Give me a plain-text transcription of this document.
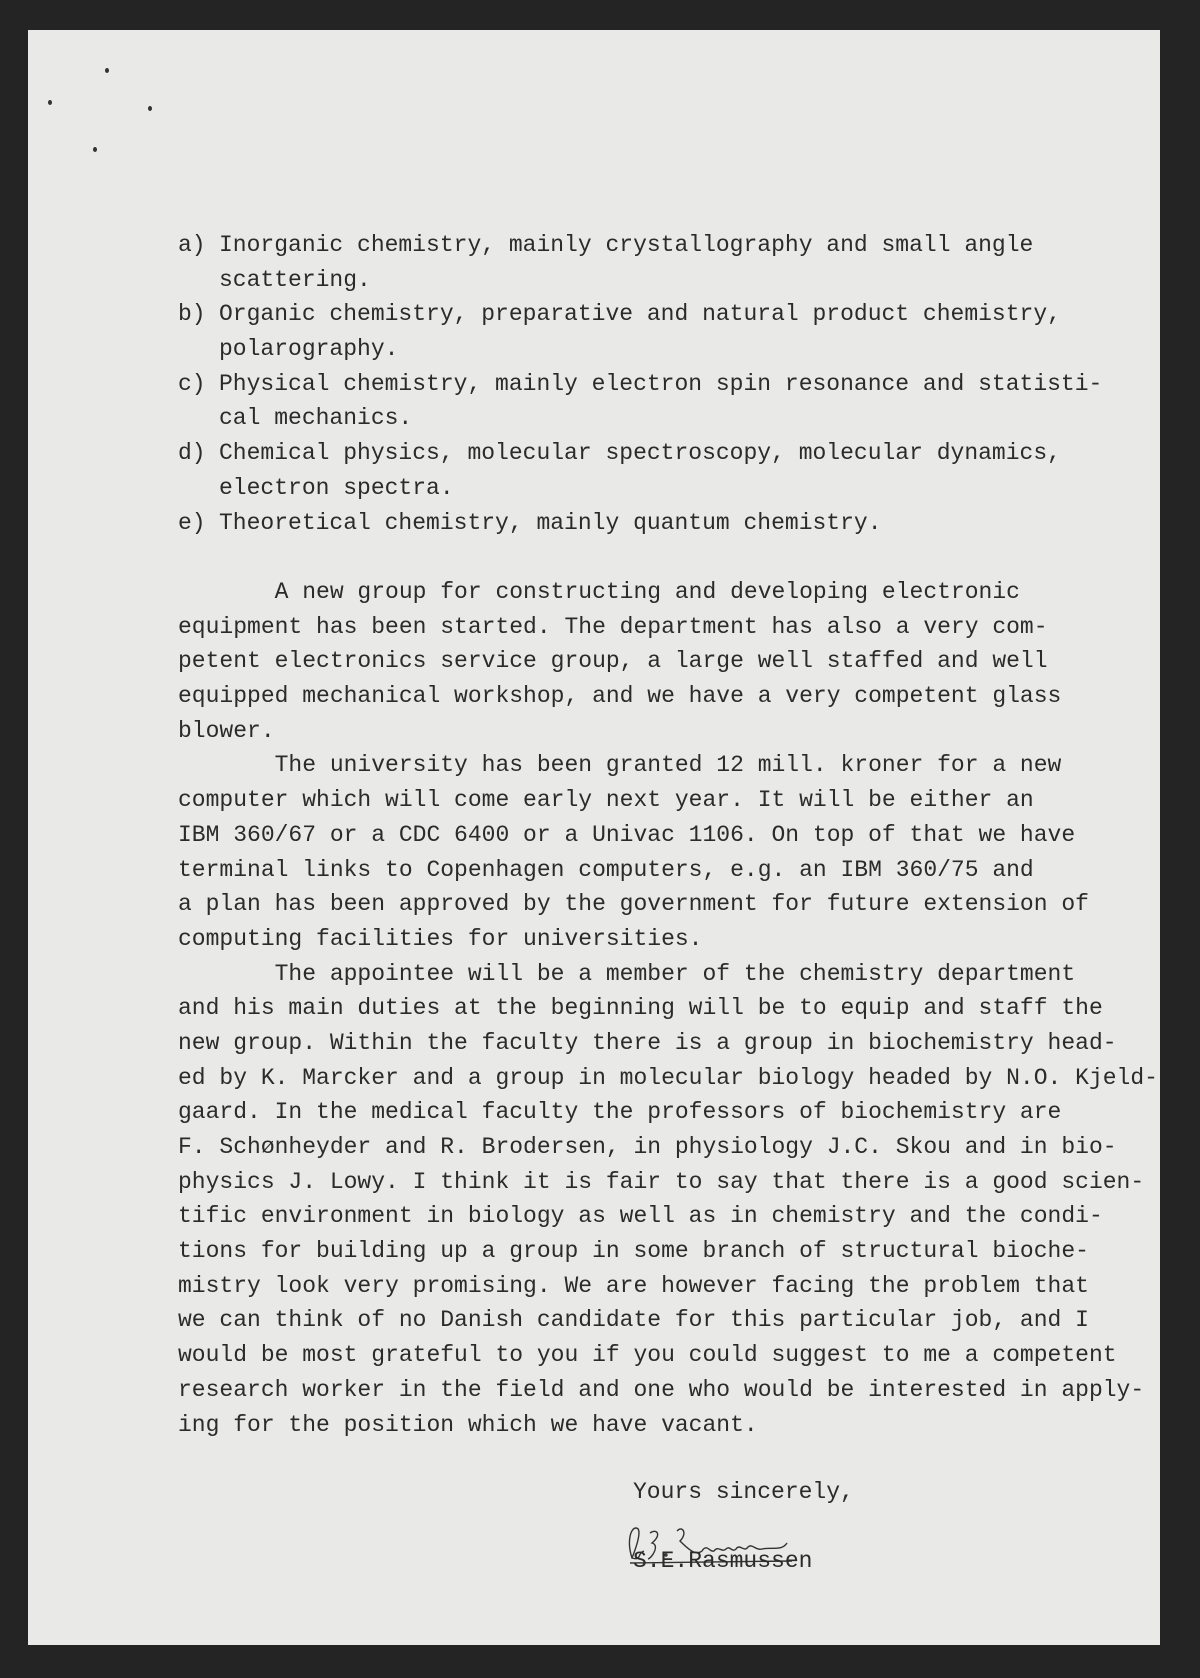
a) Inorganic chemistry, mainly crystallography and small angle
scattering.
b) Organic chemistry, preparative and natural product chemistry,
polarography.
c) Physical chemistry, mainly electron spin resonance and statisti-
cal mechanics.
d) Chemical physics, molecular spectroscopy, molecular dynamics,
electron spectra.
e) Theoretical chemistry, mainly quantum chemistry.
A new group for constructing and developing electronic
equipment has been started. The department has also a very com-
petent electronics service group, a large well staffed and well
equipped mechanical workshop, and we have a very competent glass
blower.
The university has been granted 12 mill. kroner for a new
computer which will come early next year. It will be either an
IBM 360/67 or a CDC 6400 or a Univac 1106. On top of that we have
terminal links to Copenhagen computers, e.g. an IBM 360/75 and
a plan has been approved by the government for future extension of
computing facilities for universities.
The appointee will be a member of the chemistry department
and his main duties at the beginning will be to equip and staff the
new group. Within the faculty there is a group in biochemistry head-
ed by K. Marcker and a group in molecular biology headed by N.O. Kjeld-
gaard. In the medical faculty the professors of biochemistry are
F. Schønheyder and R. Brodersen, in physiology J.C. Skou and in bio-
physics J. Lowy. I think it is fair to say that there is a good scien-
tific environment in biology as well as in chemistry and the condi-
tions for building up a group in some branch of structural bioche-
mistry look very promising. We are however facing the problem that
we can think of no Danish candidate for this particular job, and I
would be most grateful to you if you could suggest to me a competent
research worker in the field and one who would be interested in apply-
ing for the position which we have vacant.
Yours sincerely,
S.E.Rasmussen
